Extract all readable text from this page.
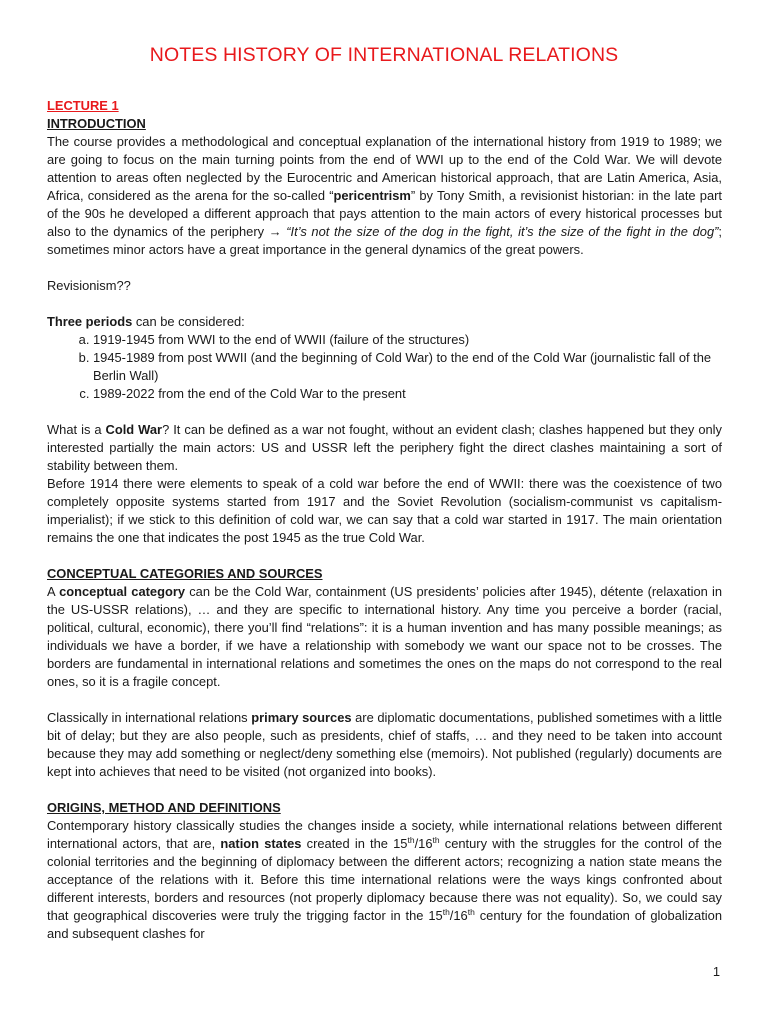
NOTES HISTORY OF INTERNATIONAL RELATIONS

LECTURE 1

INTRODUCTION

The course provides a methodological and conceptual explanation of the international history from 1919 to 1989; we are going to focus on the main turning points from the end of WWI up to the end of the Cold War. We will devote attention to areas often neglected by the Eurocentric and American historical approach, that are Latin America, Asia, Africa, considered as the arena for the so-called “pericentrism” by Tony Smith, a revisionist historian: in the late part of the 90s he developed a different approach that pays attention to the main actors of every historical processes but also to the dynamics of the periphery → “It’s not the size of the dog in the fight, it’s the size of the fight in the dog”; sometimes minor actors have a great importance in the general dynamics of the great powers.

Revisionism??

Three periods can be considered:

a. 1919-1945 from WWI to the end of WWII (failure of the structures)
b. 1945-1989 from post WWII (and the beginning of Cold War) to the end of the Cold War (journalistic fall of the Berlin Wall)
c. 1989-2022 from the end of the Cold War to the present

What is a Cold War? It can be defined as a war not fought, without an evident clash; clashes happened but they only interested partially the main actors: US and USSR left the periphery fight the direct clashes maintaining a sort of stability between them.

Before 1914 there were elements to speak of a cold war before the end of WWII: there was the coexistence of two completely opposite systems started from 1917 and the Soviet Revolution (socialism-communist vs capitalism-imperialist); if we stick to this definition of cold war, we can say that a cold war started in 1917. The main orientation remains the one that indicates the post 1945 as the true Cold War.

CONCEPTUAL CATEGORIES AND SOURCES

A conceptual category can be the Cold War, containment (US presidents’ policies after 1945), détente (relaxation in the US-USSR relations), … and they are specific to international history. Any time you perceive a border (racial, political, cultural, economic), there you’ll find “relations”: it is a human invention and has many possible meanings; as individuals we have a border, if we have a relationship with somebody we want our space not to be crosses. The borders are fundamental in international relations and sometimes the ones on the maps do not correspond to the real ones, so it is a fragile concept.

Classically in international relations primary sources are diplomatic documentations, published sometimes with a little bit of delay; but they are also people, such as presidents, chief of staffs, … and they need to be taken into account because they may add something or neglect/deny something else (memoirs). Not published (regularly) documents are kept into achieves that need to be visited (not organized into books).

ORIGINS, METHOD AND DEFINITIONS

Contemporary history classically studies the changes inside a society, while international relations between different international actors, that are, nation states created in the 15th/16th century with the struggles for the control of the colonial territories and the beginning of diplomacy between the different actors; recognizing a nation state means the acceptance of the relations with it. Before this time international relations were the ways kings confronted about different interests, borders and resources (not properly diplomacy because there was not equality). So, we could say that geographical discoveries were truly the trigging factor in the 15th/16th century for the foundation of globalization and subsequent clashes for

1
